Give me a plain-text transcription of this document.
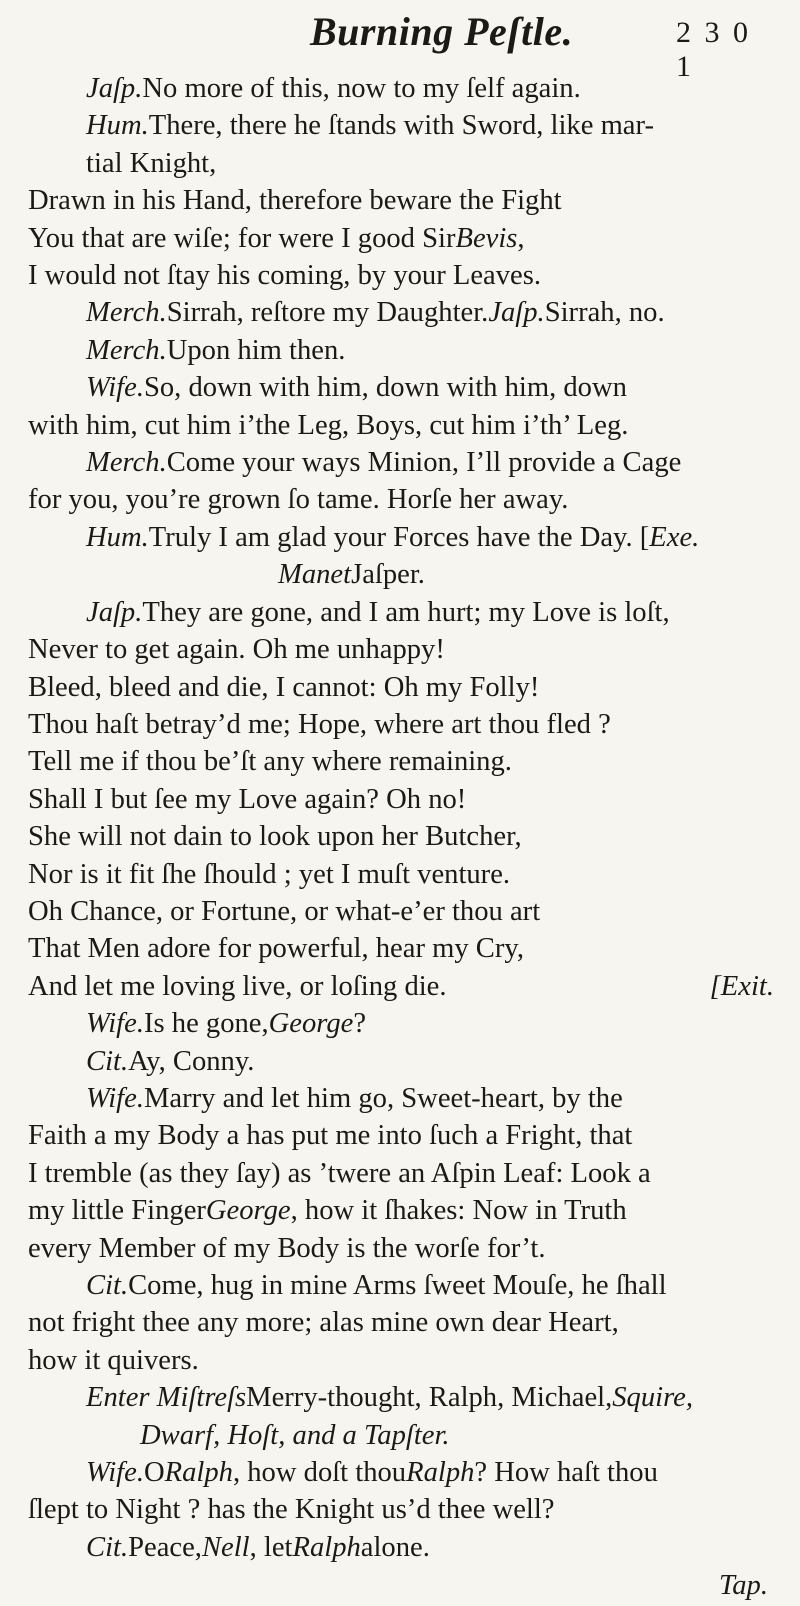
Burning Peſtle.	2 3 0 1
Jaſp. No more of this, now to my ſelf again.
Hum. There, there he ſtands with Sword, like mar-
tial Knight,
Drawn in his Hand, therefore beware the Fight
You that are wiſe; for were I good Sir Bevis ,
I would not ſtay his coming, by your Leaves.
Merch. Sirrah, reſtore my Daughter. Jaſp. Sirrah, no.
Merch. Upon him then.
Wife. So, down with him, down with him, down
with him, cut him i’the Leg, Boys, cut him i’th’ Leg.
Merch. Come your ways Minion, I’ll provide a Cage
for you, you’re grown ſo tame. Horſe her away.
Hum. Truly I am glad your Forces have the Day. [ Exe.
Manet Jaſper.
Jaſp. They are gone, and I am hurt; my Love is loſt,
Never to get again. Oh me unhappy!
Bleed, bleed and die, I cannot: Oh my Folly!
Thou haſt betray’d me; Hope, where art thou fled ?
Tell me if thou be’ſt any where remaining.
Shall I but ſee my Love again? Oh no!
She will not dain to look upon her Butcher,
Nor is it fit ſhe ſhould ; yet I muſt venture.
Oh Chance, or Fortune, or what-e’er thou art
That Men adore for powerful, hear my Cry,
And let me loving live, or loſing die.	[Exit.
Wife. Is he gone, George ?
Cit. Ay, Conny.
Wife. Marry and let him go, Sweet-heart, by the
Faith a my Body a has put me into ſuch a Fright, that
I tremble (as they ſay) as ’twere an Aſpin Leaf: Look a
my little Finger George , how it ſhakes: Now in Truth
every Member of my Body is the worſe for’t.
Cit. Come, hug in mine Arms ſweet Mouſe, he ſhall
not fright thee any more; alas mine own dear Heart,
how it quivers.
Enter Miſtreſs Merry-thought, Ralph, Michael, Squire,
Dwarf, Hoſt, and a Tapſter.
Wife. O Ralph , how doſt thou Ralph ? How haſt thou
ſlept to Night ? has the Knight us’d thee well?
Cit. Peace, Nell , let Ralph alone.
Tap.
